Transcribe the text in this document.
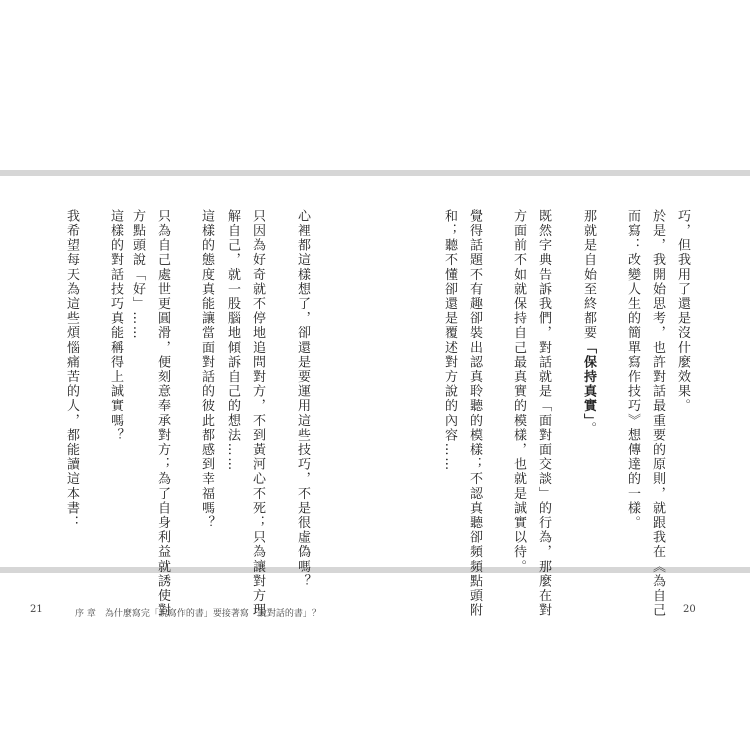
巧，但我用了還是沒什麼效果。
於是，我開始思考，也許對話最重要的原則，就跟我在《為自己
而寫：改變人生的簡單寫作技巧》想傳達的一樣。
那就是自始至終都要「保持真實」。
既然字典告訴我們，對話就是「面對面交談」的行為，那麼在對
方面前不如就保持自己最真實的模樣，也就是誠實以待。
覺得話題不有趣卻裝出認真聆聽的模樣；不認真聽卻頻頻點頭附
和；聽不懂卻還是覆述對方說的內容……
心裡都這樣想了，卻還是要運用這些技巧，不是很虛偽嗎？
只因為好奇就不停地追問對方，不到黃河心不死；只為讓對方理
解自己，就一股腦地傾訴自己的想法……
這樣的態度真能讓當面對話的彼此都感到幸福嗎？
只為自己處世更圓滑，便刻意奉承對方；為了自身利益就誘使對
方點頭說「好」……
這樣的對話技巧真能稱得上誠實嗎？
我希望每天為這些煩惱痛苦的人，都能讀這本書：
21	序 章　為什麼寫完「說寫作的書」要接著寫「說對話的書」？	20
